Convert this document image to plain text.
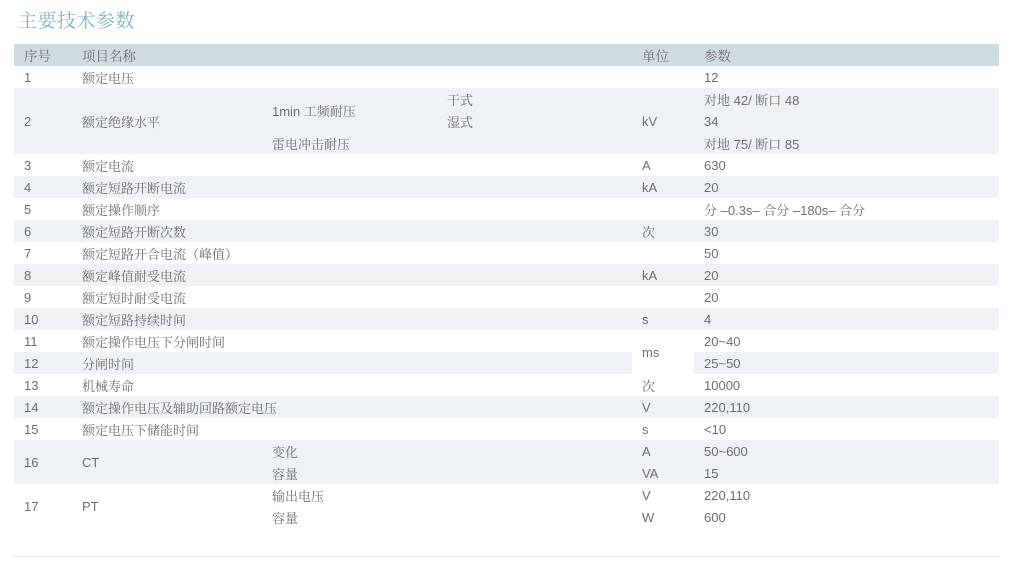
主要技术参数
序号	项目名称			单位	参数
1	额定电压				12
2	额定绝缘水平	1min 工频耐压	干式	kV	对地 42/ 断口 48
			湿式		34
		雷电冲击耐压			对地 75/ 断口 85
3	额定电流			A	630
4	额定短路开断电流			kA	20
5	额定操作顺序				分 –0.3s– 合分 –180s– 合分
6	额定短路开断次数			次	30
7	额定短路开合电流（峰值）				50
8	额定峰值耐受电流			kA	20
9	额定短时耐受电流				20
10	额定短路持续时间			s	4
11	额定操作电压下分闸时间			ms	20~40
12	分闸时间				25~50
13	机械寿命			次	10000
14	额定操作电压及辅助回路额定电压			V	220,110
15	额定电压下储能时间			s	<10
16	CT	变化		A	50~600
		容量		VA	15
17	PT	输出电压		V	220,110
		容量		W	600
